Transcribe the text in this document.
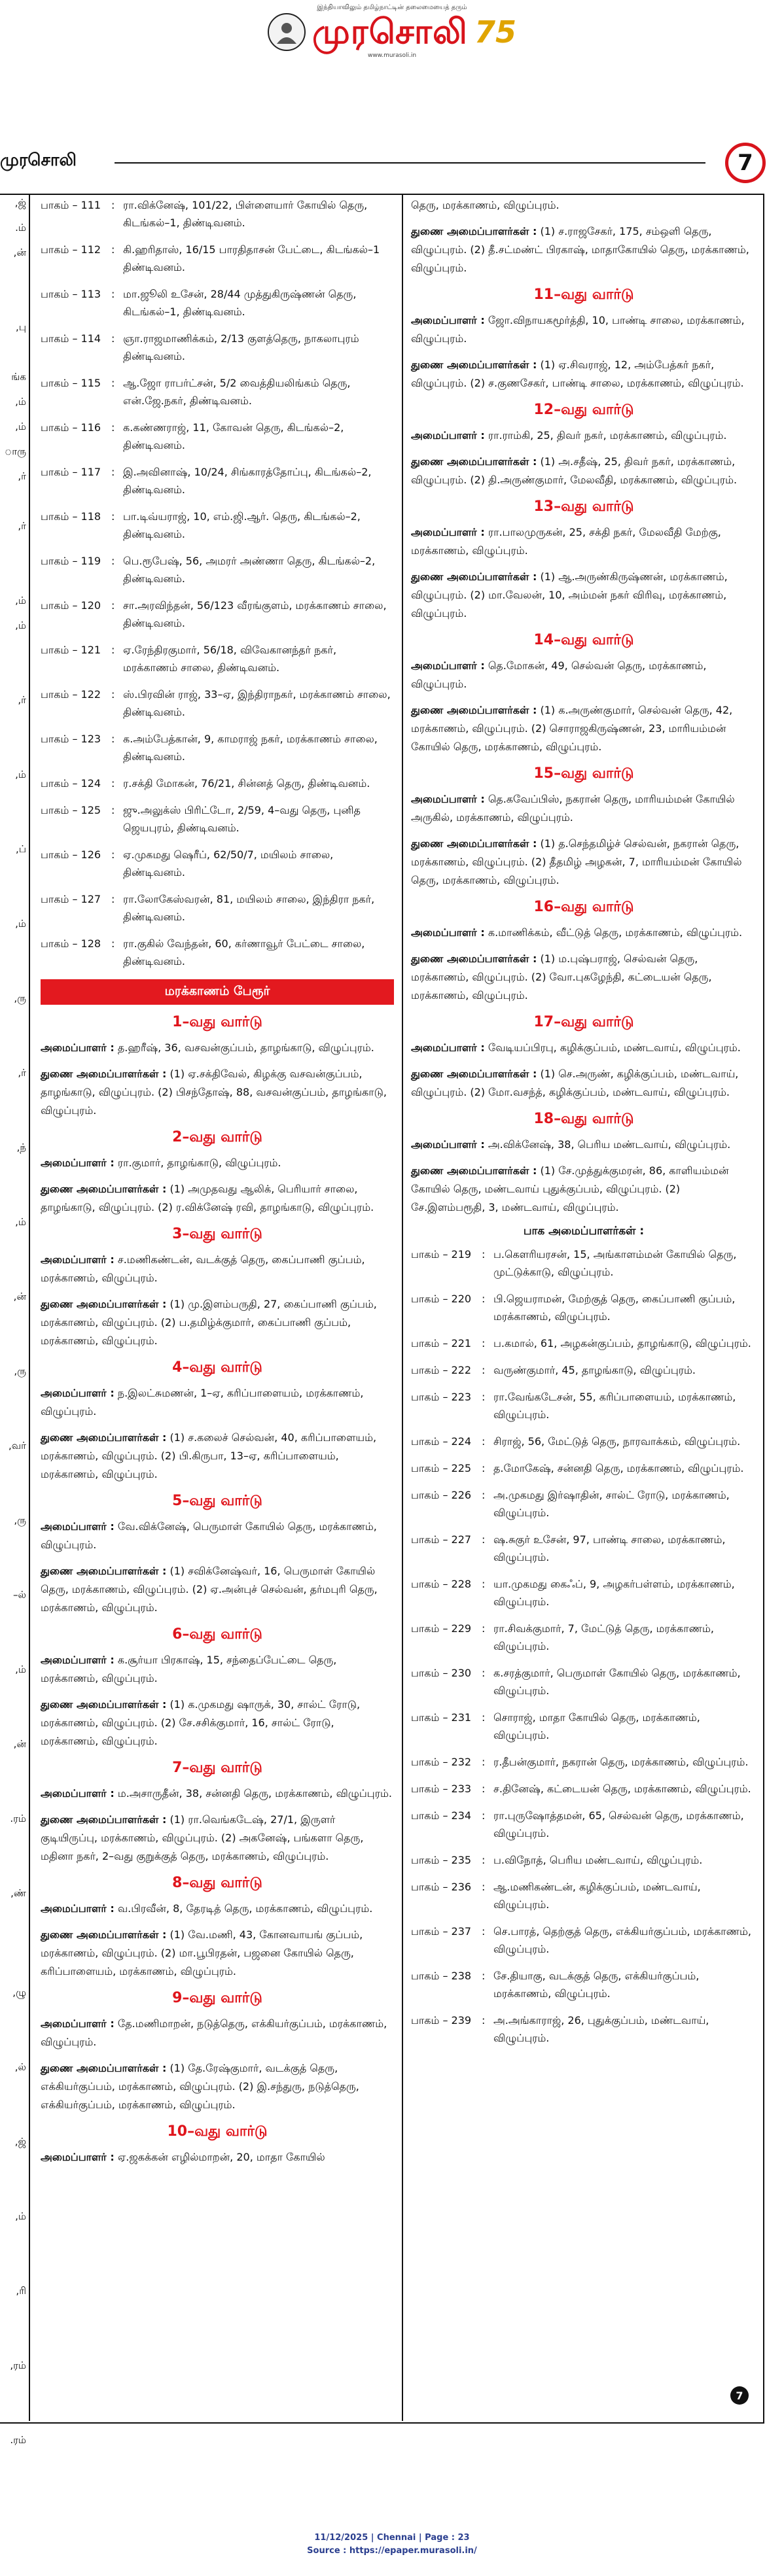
இந்தியாவிலும் தமிழ்நாட்டின் தலைமையைத் தரும்
முரசொலி 75
www.murasoli.in
முரசொலி	7
ஜ்,
ம்.
ன்,
பு,
ங்க
ம்,
ம்,
ாரு
ர்,
ர்,
ம்,
ம்,
ர்,
ம்,
ப்,
ம்,
ரு,
ர்,
ந்,
ம்,
ன்,
ரு,
வர்,
ரு,
ல்–
ம்,
ன்,
ரம்.
ண்,
ழு,
ல்,
ஜ்,
ம்,
ரி,
ரம்,
ரம்.
பாகம் – 111 : ரா.விக்னேஷ், 101/22, பிள்ளையார் கோயில் தெரு, கிடங்கல்–1, திண்டிவனம்.
பாகம் – 112 : கி.ஹரிதாஸ், 16/15 பாரதிதாசன் பேட்டை, கிடங்கல்–1 திண்டிவனம்.
பாகம் – 113 : மா.ஜூலி உசேன், 28/44 முத்துகிருஷ்ணன் தெரு, கிடங்கல்–1, திண்டிவனம்.
பாகம் – 114 : ஞா.ராஜமாணிக்கம், 2/13 குளத்தெரு, நாகலாபுரம் திண்டிவனம்.
பாகம் – 115 : ஆ.ஜோ ராபர்ட்சன், 5/2 வைத்தியலிங்கம் தெரு, என்.ஜே.நகர், திண்டிவனம்.
பாகம் – 116 : க.கண்ணராஜ், 11, கோவன் தெரு, கிடங்கல்–2, திண்டிவனம்.
பாகம் – 117 : இ.அவினாஷ், 10/24, சிங்காரத்தோப்பு, கிடங்கல்–2, திண்டிவனம்.
பாகம் – 118 : பா.டிவ்யராஜ், 10, எம்.ஜி.ஆர். தெரு, கிடங்கல்–2, திண்டிவனம்.
பாகம் – 119 : பெ.ரூபேஷ், 56, அமரர் அண்ணா தெரு, கிடங்கல்–2, திண்டிவனம்.
பாகம் – 120 : சா.அரவிந்தன், 56/123 வீரங்குளம், மரக்காணம் சாலை, திண்டிவனம்.
பாகம் – 121 : ஏ.ரேந்திரகுமார், 56/18, விவேகானந்தர் நகர், மரக்காணம் சாலை, திண்டிவனம்.
பாகம் – 122 : ஸ்.பிரவின் ராஜ், 33–ஏ, இந்திராநகர், மரக்காணம் சாலை, திண்டிவனம்.
பாகம் – 123 : க.அம்பேத்கான், 9, காமராஜ் நகர், மரக்காணம் சாலை, திண்டிவனம்.
பாகம் – 124 : ர.சக்தி மோகன், 76/21, சின்னத் தெரு, திண்டிவனம்.
பாகம் – 125 : ஜு.அலுக்ஸ் பிரிட்டோ, 2/59, 4–வது தெரு, புனித ஜெயபுரம், திண்டிவனம்.
பாகம் – 126 : ஏ.முகமது ஷெரீப், 62/50/7, மயிலம் சாலை, திண்டிவனம்.
பாகம் – 127 : ரா.லோகேஸ்வரன், 81, மயிலம் சாலை, இந்திரா நகர், திண்டிவனம்.
பாகம் – 128 : ரா.குகில் வேந்தன், 60, கர்ணாவூர் பேட்டை சாலை, திண்டிவனம்.
மரக்காணம் பேரூர்
1–வது வார்டு
அமைப்பாளர் : த.ஹரீஷ், 36, வசவன்குப்பம், தாழங்காடு, விழுப்புரம்.
துணை அமைப்பாளர்கள் : (1) ஏ.சக்திவேல், கிழக்கு வசவன்குப்பம், தாழங்காடு, விழுப்புரம். (2) பிசந்தோஷ், 88, வசவன்குப்பம், தாழங்காடு, விழுப்புரம்.
2–வது வார்டு
அமைப்பாளர் : ரா.குமார், தாழங்காடு, விழுப்புரம்.
துணை அமைப்பாளர்கள் : (1) அமுதவது ஆலிக், பெரியார் சாலை, தாழங்காடு, விழுப்புரம். (2) ர.விக்னேஷ் ரவி, தாழங்காடு, விழுப்புரம்.
3–வது வார்டு
அமைப்பாளர் : ச.மணிகண்டன், வடக்குத் தெரு, கைப்பாணி குப்பம், மரக்காணம், விழுப்புரம்.
துணை அமைப்பாளர்கள் : (1) மு.இளம்பருதி, 27, கைப்பாணி குப்பம், மரக்காணம், விழுப்புரம். (2) ப.தமிழ்க்குமார், கைப்பாணி குப்பம், மரக்காணம், விழுப்புரம்.
4–வது வார்டு
அமைப்பாளர் : ந.இலட்சுமணன், 1–ஏ, கரிப்பாளையம், மரக்காணம், விழுப்புரம்.
துணை அமைப்பாளர்கள் : (1) ச.கலைச் செல்வன், 40, கரிப்பாளையம், மரக்காணம், விழுப்புரம். (2) பி.கிருபா, 13–ஏ, கரிப்பாளையம், மரக்காணம், விழுப்புரம்.
5–வது வார்டு
அமைப்பாளர் : வே.விக்னேஷ், பெருமாள் கோயில் தெரு, மரக்காணம், விழுப்புரம்.
துணை அமைப்பாளர்கள் : (1) சவிக்னேஷ்வர், 16, பெருமாள் கோயில் தெரு, மரக்காணம், விழுப்புரம். (2) ஏ.அன்புச் செல்வன், தர்மபுரி தெரு, மரக்காணம், விழுப்புரம்.
6–வது வார்டு
அமைப்பாளர் : க.சூர்யா பிரகாஷ், 15, சந்தைப்பேட்டை தெரு, மரக்காணம், விழுப்புரம்.
துணை அமைப்பாளர்கள் : (1) க.முகமது ஷாருக், 30, சால்ட் ரோடு, மரக்காணம், விழுப்புரம். (2) சே.சசிக்குமார், 16, சால்ட் ரோடு, மரக்காணம், விழுப்புரம்.
7–வது வார்டு
அமைப்பாளர் : ம.அசாருதீன், 38, சன்னதி தெரு, மரக்காணம், விழுப்புரம்.
துணை அமைப்பாளர்கள் : (1) ரா.வெங்கடேஷ், 27/1, இருளர் குடியிருப்பு, மரக்காணம், விழுப்புரம். (2) அகனேஷ், பங்களா தெரு, மதினா நகர், 2–வது குறுக்குத் தெரு, மரக்காணம், விழுப்புரம்.
8–வது வார்டு
அமைப்பாளர் : வ.பிரவீன், 8, தேரடித் தெரு, மரக்காணம், விழுப்புரம்.
துணை அமைப்பாளர்கள் : (1) வே.மணி, 43, கோனவாயங் குப்பம், மரக்காணம், விழுப்புரம். (2) மா.பூபிரதன், பஜனை கோயில் தெரு, கரிப்பாளையம், மரக்காணம், விழுப்புரம்.
9–வது வார்டு
அமைப்பாளர் : தே.மணிமாறன், நடுத்தெரு, எக்கியர்குப்பம், மரக்காணம், விழுப்புரம்.
துணை அமைப்பாளர்கள் : (1) தே.ரேஷ்குமார், வடக்குத் தெரு, எக்கியர்குப்பம், மரக்காணம், விழுப்புரம். (2) இ.சந்துரு, நடுத்தெரு, எக்கியர்குப்பம், மரக்காணம், விழுப்புரம்.
10–வது வார்டு
அமைப்பாளர் : ஏ.ஜகக்கன் எழில்மாறன், 20, மாதா கோயில்
தெரு, மரக்காணம், விழுப்புரம்.
துணை அமைப்பாளர்கள் : (1) ச.ராஜசேகர், 175, சம்ஒளி தெரு, விழுப்புரம். (2) தீ.சட்மண்ட் பிரகாஷ், மாதாகோயில் தெரு, மரக்காணம், விழுப்புரம்.
11–வது வார்டு
அமைப்பாளர் : ஜோ.விநாயகமூர்த்தி, 10, பாண்டி சாலை, மரக்காணம், விழுப்புரம்.
துணை அமைப்பாளர்கள் : (1) ஏ.சிவராஜ், 12, அம்பேத்கர் நகர், விழுப்புரம். (2) ச.குணசேகர், பாண்டி சாலை, மரக்காணம், விழுப்புரம்.
12–வது வார்டு
அமைப்பாளர் : ரா.ராம்கி, 25, திவர் நகர், மரக்காணம், விழுப்புரம்.
துணை அமைப்பாளர்கள் : (1) அ.சதீஷ், 25, திவர் நகர், மரக்காணம், விழுப்புரம். (2) தி.அருண்குமார், மேலவீதி, மரக்காணம், விழுப்புரம்.
13–வது வார்டு
அமைப்பாளர் : ரா.பாலமுருகன், 25, சக்தி நகர், மேலவீதி மேற்கு, மரக்காணம், விழுப்புரம்.
துணை அமைப்பாளர்கள் : (1) ஆ.அருண்கிருஷ்ணன், மரக்காணம், விழுப்புரம். (2) மா.வேலன், 10, அம்மன் நகர் விரிவு, மரக்காணம், விழுப்புரம்.
14–வது வார்டு
அமைப்பாளர் : தெ.மோகன், 49, செல்வன் தெரு, மரக்காணம், விழுப்புரம்.
துணை அமைப்பாளர்கள் : (1) க.அருண்குமார், செல்வன் தெரு, 42, மரக்காணம், விழுப்புரம். (2) சொராஜகிருஷ்ணன், 23, மாரியம்மன் கோயில் தெரு, மரக்காணம், விழுப்புரம்.
15–வது வார்டு
அமைப்பாளர் : தெ.கவேப்பிஸ், நகரான் தெரு, மாரியம்மன் கோயில் அருகில், மரக்காணம், விழுப்புரம்.
துணை அமைப்பாளர்கள் : (1) த.செந்தமிழ்ச் செல்வன், நகரான் தெரு, மரக்காணம், விழுப்புரம். (2) தீதமிழ் அழகன், 7, மாரியம்மன் கோயில் தெரு, மரக்காணம், விழுப்புரம்.
16–வது வார்டு
அமைப்பாளர் : க.மாணிக்கம், வீட்டுத் தெரு, மரக்காணம், விழுப்புரம்.
துணை அமைப்பாளர்கள் : (1) ம.புஷ்பராஜ், செல்வன் தெரு, மரக்காணம், விழுப்புரம். (2) வோ.புகழேந்தி, கட்டையன் தெரு, மரக்காணம், விழுப்புரம்.
17–வது வார்டு
அமைப்பாளர் : வேடியப்பிரபு, கழிக்குப்பம், மண்டவாய், விழுப்புரம்.
துணை அமைப்பாளர்கள் : (1) செ.அருண், கழிக்குப்பம், மண்டவாய், விழுப்புரம். (2) மோ.வசந்த், கழிக்குப்பம், மண்டவாய், விழுப்புரம்.
18–வது வார்டு
அமைப்பாளர் : அ.விக்னேஷ், 38, பெரிய மண்டவாய், விழுப்புரம்.
துணை அமைப்பாளர்கள் : (1) சே.முத்துக்குமரன், 86, காளியம்மன் கோயில் தெரு, மண்டவாய் புதுக்குப்பம், விழுப்புரம். (2) சே.இளம்பரூதி, 3, மண்டவாய், விழுப்புரம்.
பாக அமைப்பாளர்கள் :
பாகம் – 219 : ப.கௌரியரசன், 15, அங்காளம்மன் கோயில் தெரு, முட்டுக்காடு, விழுப்புரம்.
பாகம் – 220 : பி.ஜெயராமன், மேற்குத் தெரு, கைப்பாணி குப்பம், மரக்காணம், விழுப்புரம்.
பாகம் – 221 : ப.கமால், 61, அழகன்குப்பம், தாழங்காடு, விழுப்புரம்.
பாகம் – 222 : வருண்குமார், 45, தாழங்காடு, விழுப்புரம்.
பாகம் – 223 : ரா.வேங்கடேசன், 55, கரிப்பாளையம், மரக்காணம், விழுப்புரம்.
பாகம் – 224 : சிராஜ், 56, மேட்டுத் தெரு, நாரவாக்கம், விழுப்புரம்.
பாகம் – 225 : த.மோகேஷ், சன்னதி தெரு, மரக்காணம், விழுப்புரம்.
பாகம் – 226 : அ.முகமது இர்ஷாதின், சால்ட் ரோடு, மரக்காணம், விழுப்புரம்.
பாகம் – 227 : ஷ.சுகுர் உசேன், 97, பாண்டி சாலை, மரக்காணம், விழுப்புரம்.
பாகம் – 228 : யா.முகமது கைஃப், 9, அழகர்பள்ளம், மரக்காணம், விழுப்புரம்.
பாகம் – 229 : ரா.சிவக்குமார், 7, மேட்டுத் தெரு, மரக்காணம், விழுப்புரம்.
பாகம் – 230 : க.சரத்குமார், பெருமாள் கோயில் தெரு, மரக்காணம், விழுப்புரம்.
பாகம் – 231 : சொராஜ், மாதா கோயில் தெரு, மரக்காணம், விழுப்புரம்.
பாகம் – 232 : ர.தீபன்குமார், நகரான் தெரு, மரக்காணம், விழுப்புரம்.
பாகம் – 233 : ச.தினேஷ், கட்டையன் தெரு, மரக்காணம், விழுப்புரம்.
பாகம் – 234 : ரா.புருஷோத்தமன், 65, செல்வன் தெரு, மரக்காணம், விழுப்புரம்.
பாகம் – 235 : ப.விநோத், பெரிய மண்டவாய், விழுப்புரம்.
பாகம் – 236 : ஆ.மணிகண்டன், கழிக்குப்பம், மண்டவாய், விழுப்புரம்.
பாகம் – 237 : செ.பாரத், தெற்குத் தெரு, எக்கியர்குப்பம், மரக்காணம், விழுப்புரம்.
பாகம் – 238 : சே.தியாகு, வடக்குத் தெரு, எக்கியர்குப்பம், மரக்காணம், விழுப்புரம்.
பாகம் – 239 : அ.அங்காராஜ், 26, புதுக்குப்பம், மண்டவாய், விழுப்புரம்.
7
11/12/2025 | Chennai | Page : 23
Source : https://epaper.murasoli.in/
